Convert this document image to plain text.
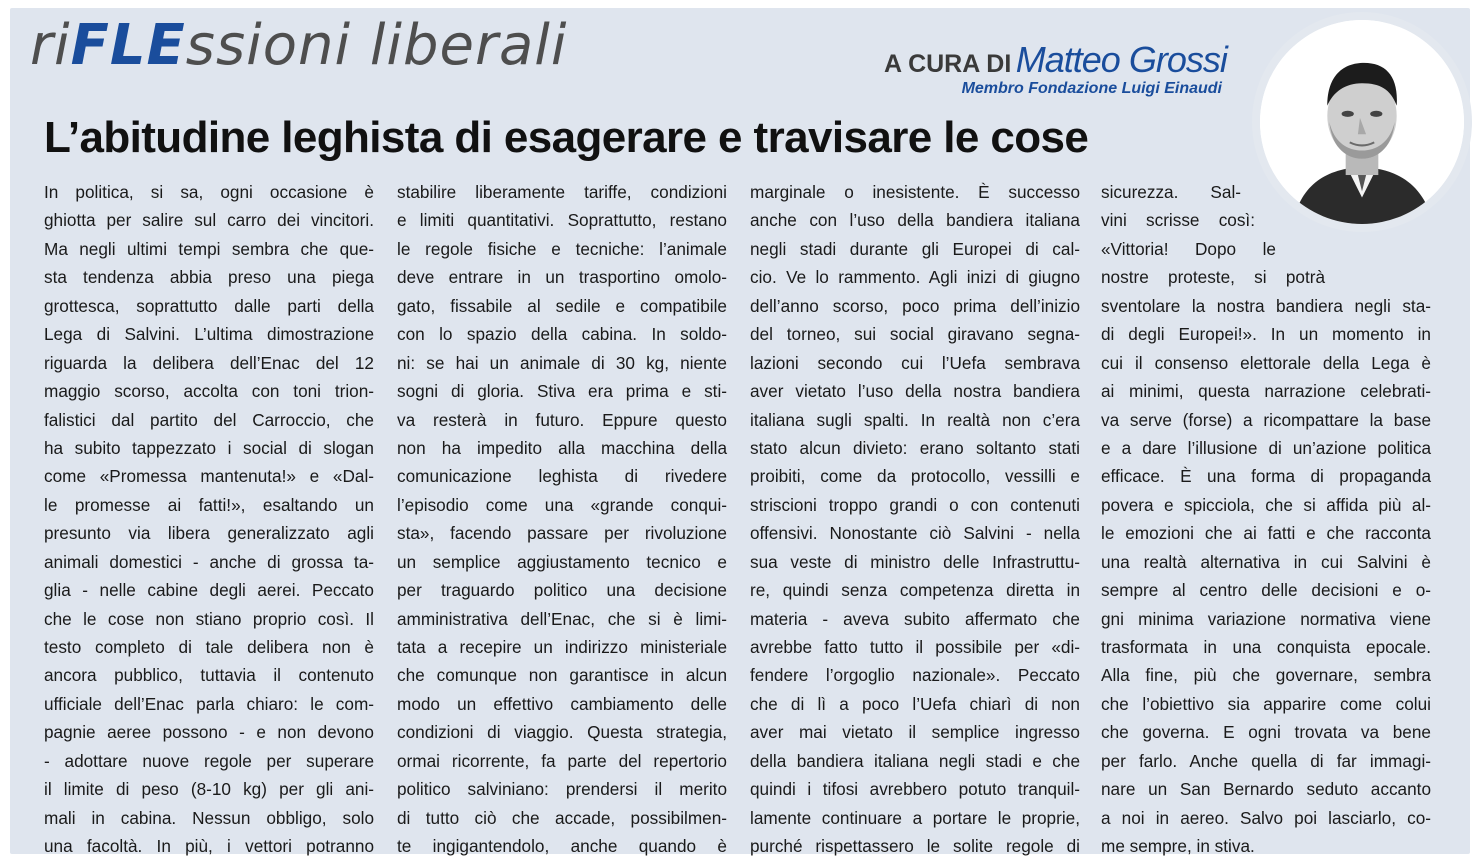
riFLEssioni liberali	A CURA DI Matteo Grossi
Membro Fondazione Luigi Einaudi
L’abitudine leghista di esagerare e travisare le cose
In politica, si sa, ogni occasione è
ghiotta per salire sul carro dei vincitori.
Ma negli ultimi tempi sembra che que-
sta tendenza abbia preso una piega
grottesca, soprattutto dalle parti della
Lega di Salvini. L’ultima dimostrazione
riguarda la delibera dell’Enac del 12
maggio scorso, accolta con toni trion-
falistici dal partito del Carroccio, che
ha subito tappezzato i social di slogan
come «Promessa mantenuta!» e «Dal-
le promesse ai fatti!», esaltando un
presunto via libera generalizzato agli
animali domestici - anche di grossa ta-
glia - nelle cabine degli aerei. Peccato
che le cose non stiano proprio così. Il
testo completo di tale delibera non è
ancora pubblico, tuttavia il contenuto
ufficiale dell’Enac parla chiaro: le com-
pagnie aeree possono - e non devono
- adottare nuove regole per superare
il limite di peso (8-10 kg) per gli ani-
mali in cabina. Nessun obbligo, solo
una facoltà. In più, i vettori potranno
stabilire liberamente tariffe, condizioni
e limiti quantitativi. Soprattutto, restano
le regole fisiche e tecniche: l’animale
deve entrare in un trasportino omolo-
gato, fissabile al sedile e compatibile
con lo spazio della cabina. In soldo-
ni: se hai un animale di 30 kg, niente
sogni di gloria. Stiva era prima e sti-
va resterà in futuro. Eppure questo
non ha impedito alla macchina della
comunicazione leghista di rivedere
l’episodio come una «grande conqui-
sta», facendo passare per rivoluzione
un semplice aggiustamento tecnico e
per traguardo politico una decisione
amministrativa dell’Enac, che si è limi-
tata a recepire un indirizzo ministeriale
che comunque non garantisce in alcun
modo un effettivo cambiamento delle
condizioni di viaggio. Questa strategia,
ormai ricorrente, fa parte del repertorio
politico salviniano: prendersi il merito
di tutto ciò che accade, possibilmen-
te ingigantendolo, anche quando è
marginale o inesistente. È successo
anche con l’uso della bandiera italiana
negli stadi durante gli Europei di cal-
cio. Ve lo rammento. Agli inizi di giugno
dell’anno scorso, poco prima dell’inizio
del torneo, sui social giravano segna-
lazioni secondo cui l’Uefa sembrava
aver vietato l’uso della nostra bandiera
italiana sugli spalti. In realtà non c’era
stato alcun divieto: erano soltanto stati
proibiti, come da protocollo, vessilli e
striscioni troppo grandi o con contenuti
offensivi. Nonostante ciò Salvini - nella
sua veste di ministro delle Infrastruttu-
re, quindi senza competenza diretta in
materia - aveva subito affermato che
avrebbe fatto tutto il possibile per «di-
fendere l’orgoglio nazionale». Peccato
che di lì a poco l’Uefa chiarì di non
aver mai vietato il semplice ingresso
della bandiera italiana negli stadi e che
quindi i tifosi avrebbero potuto tranquil-
lamente continuare a portare le proprie,
purché rispettassero le solite regole di
sicurezza. Sal-
vini scrisse così:
«Vittoria! Dopo le
nostre proteste, si potrà
sventolare la nostra bandiera negli sta-
di degli Europei!». In un momento in
cui il consenso elettorale della Lega è
ai minimi, questa narrazione celebrati-
va serve (forse) a ricompattare la base
e a dare l’illusione di un’azione politica
efficace. È una forma di propaganda
povera e spicciola, che si affida più al-
le emozioni che ai fatti e che racconta
una realtà alternativa in cui Salvini è
sempre al centro delle decisioni e o-
gni minima variazione normativa viene
trasformata in una conquista epocale.
Alla fine, più che governare, sembra
che l’obiettivo sia apparire come colui
che governa. E ogni trovata va bene
per farlo. Anche quella di far immagi-
nare un San Bernardo seduto accanto
a noi in aereo. Salvo poi lasciarlo, co-
me sempre, in stiva.
